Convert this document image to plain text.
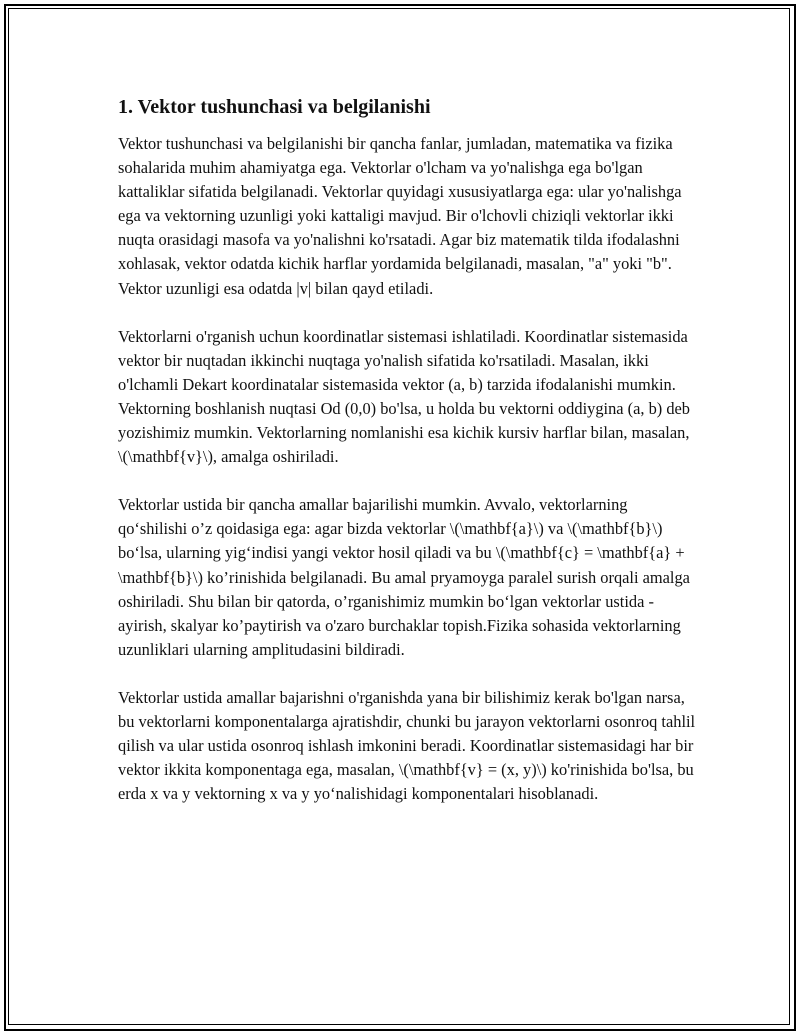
1. Vektor tushunchasi va belgilanishi

Vektor tushunchasi va belgilanishi bir qancha fanlar, jumladan, matematika va fizika sohalarida muhim ahamiyatga ega. Vektorlar o'lcham va yo'nalishga ega bo'lgan kattaliklar sifatida belgilanadi. Vektorlar quyidagi xususiyatlarga ega: ular yo'nalishga ega va vektorning uzunligi yoki kattaligi mavjud. Bir o'lchovli chiziqli vektorlar ikki nuqta orasidagi masofa va yo'nalishni ko'rsatadi. Agar biz matematik tilda ifodalashni xohlasak, vektor odatda kichik harflar yordamida belgilanadi, masalan, "a" yoki "b". Vektor uzunligi esa odatda |v| bilan qayd etiladi.

Vektorlarni o'rganish uchun koordinatlar sistemasi ishlatiladi. Koordinatlar sistemasida vektor bir nuqtadan ikkinchi nuqtaga yo'nalish sifatida ko'rsatiladi. Masalan, ikki o'lchamli Dekart koordinatalar sistemasida vektor (a, b) tarzida ifodalanishi mumkin. Vektorning boshlanish nuqtasi Od (0,0) bo'lsa, u holda bu vektorni oddiygina (a, b) deb yozishimiz mumkin. Vektorlarning nomlanishi esa kichik kursiv harflar bilan, masalan, \(\mathbf{v}\), amalga oshiriladi.

Vektorlar ustida bir qancha amallar bajarilishi mumkin. Avvalo, vektorlarning qo‘shilishi o’z qoidasiga ega: agar bizda vektorlar \(\mathbf{a}\) va \(\mathbf{b}\) bo‘lsa, ularning yig‘indisi yangi vektor hosil qiladi va bu \(\mathbf{c} = \mathbf{a} + \mathbf{b}\) ko’rinishida belgilanadi. Bu amal pryamoyga paralel surish orqali amalga oshiriladi. Shu bilan bir qatorda, o’rganishimiz mumkin bo‘lgan vektorlar ustida - ayirish, skalyar ko’paytirish va o'zaro burchaklar topish.Fizika sohasida vektorlarning uzunliklari ularning amplitudasini bildiradi.

Vektorlar ustida amallar bajarishni o'rganishda yana bir bilishimiz kerak bo'lgan narsa, bu vektorlarni komponentalarga ajratishdir, chunki bu jarayon vektorlarni osonroq tahlil qilish va ular ustida osonroq ishlash imkonini beradi. Koordinatlar sistemasidagi har bir vektor ikkita komponentaga ega, masalan, \(\mathbf{v} = (x, y)\) ko'rinishida bo'lsa, bu erda x va y vektorning x va y yo‘nalishidagi komponentalari hisoblanadi.
